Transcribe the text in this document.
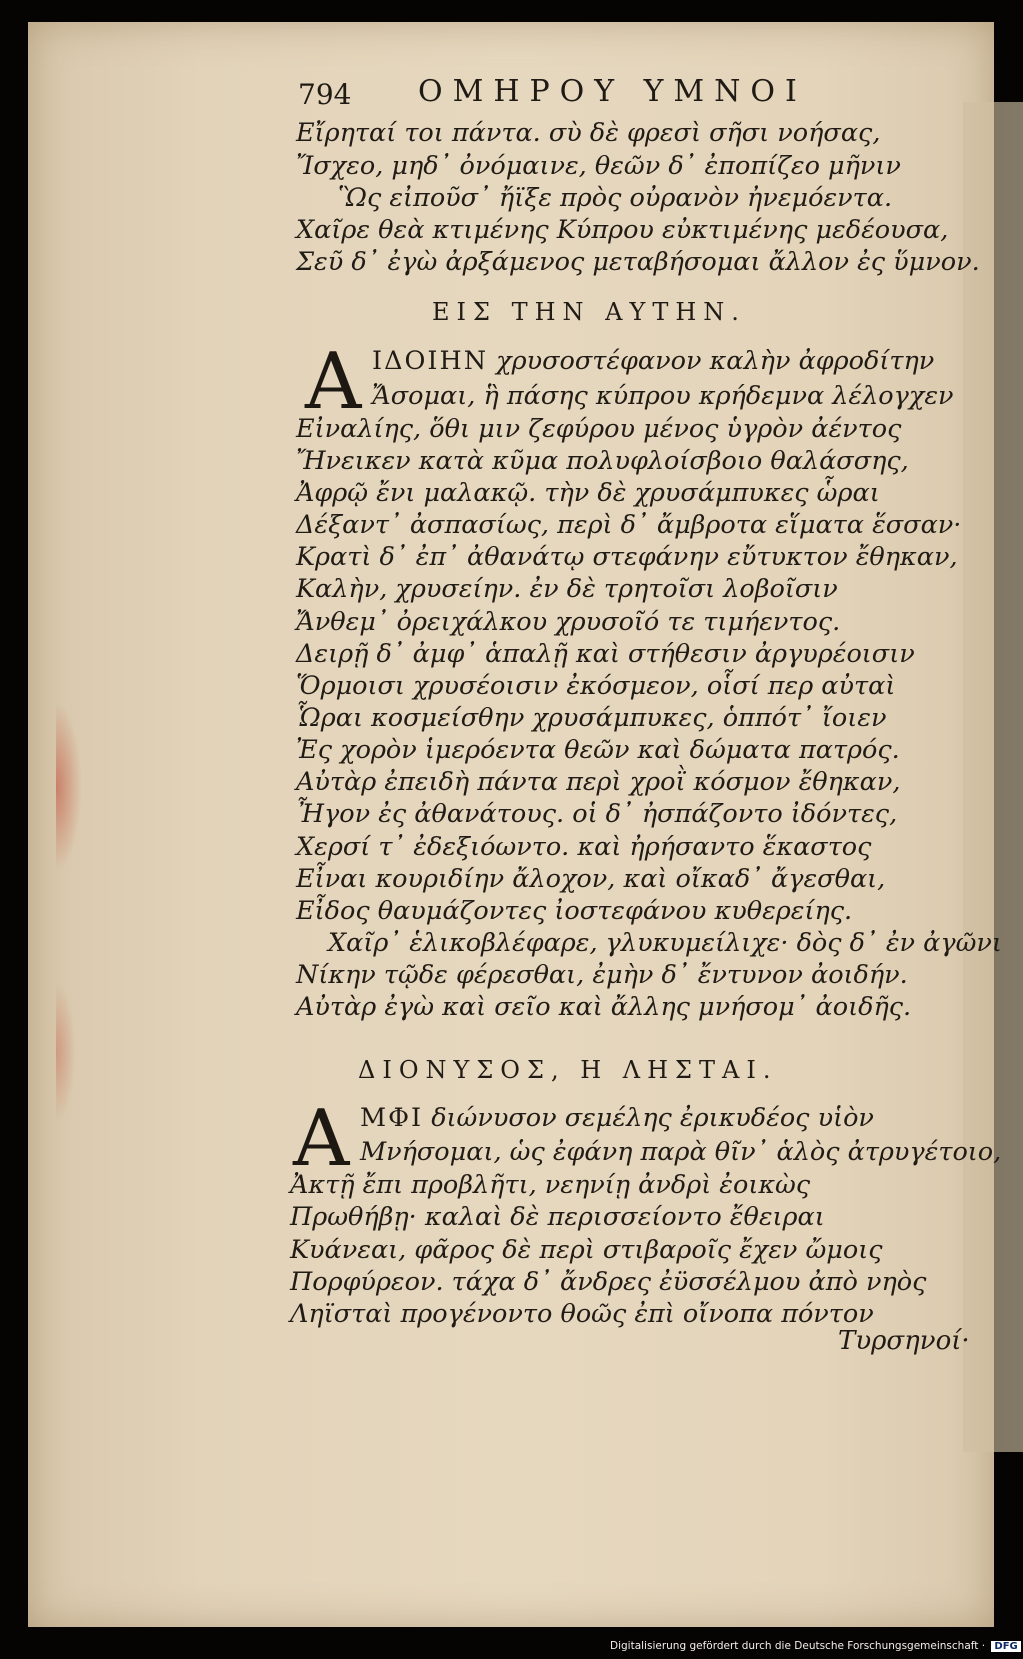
794 ΟΜΗΡΟΥ ΥΜΝΟΙ
Εἴρηταί τοι πάντα. σὺ δὲ φρεσὶ σῆσι νοήσας,
Ἴσχεο, μηδ᾽ ὀνόμαινε, θεῶν δ᾽ ἐποπίζεο μῆνιν
Ὣς εἰποῦσ᾽ ἤϊξε πρὸς οὐρανὸν ἠνεμόεντα.
Χαῖρε θεὰ κτιμένης Κύπρου εὐκτιμένης μεδέουσα,
Σεῦ δ᾽ ἐγὼ ἀρξάμενος μεταβήσομαι ἄλλον ἐς ὕμνον.
ΕΙΣ ΤΗΝ ΑΥΤΗΝ.
Α ΙΔΟΙΗΝ χρυσοστέφανον καλὴν ἀφροδίτην
Ἄσομαι, ἣ πάσης κύπρου κρήδεμνα λέλογχεν
Εἰναλίης, ὅθι μιν ζεφύρου μένος ὑγρὸν ἀέντος
Ἤνεικεν κατὰ κῦμα πολυφλοίσβοιο θαλάσσης,
Ἀφρῷ ἔνι μαλακῷ. τὴν δὲ χρυσάμπυκες ὧραι
Δέξαντ᾽ ἀσπασίως, περὶ δ᾽ ἄμβροτα εἵματα ἕσσαν·
Κρατὶ δ᾽ ἐπ᾽ ἀθανάτῳ στεφάνην εὔτυκτον ἔθηκαν,
Καλὴν, χρυσείην. ἐν δὲ τρητοῖσι λοβοῖσιν
Ἄνθεμ᾽ ὀρειχάλκου χρυσοῖό τε τιμήεντος.
Δειρῇ δ᾽ ἀμφ᾽ ἁπαλῇ καὶ στήθεσιν ἀργυρέοισιν
Ὅρμοισι χρυσέοισιν ἐκόσμεον, οἷσί περ αὐταὶ
Ὧραι κοσμείσθην χρυσάμπυκες, ὁππότ᾽ ἴοιεν
Ἐς χορὸν ἱμερόεντα θεῶν καὶ δώματα πατρός.
Αὐτὰρ ἐπειδὴ πάντα περὶ χροῒ κόσμον ἔθηκαν,
Ἦγον ἐς ἀθανάτους. οἱ δ᾽ ἠσπάζοντο ἰδόντες,
Χερσί τ᾽ ἐδεξιόωντο. καὶ ἠρήσαντο ἕκαστος
Εἶναι κουριδίην ἄλοχον, καὶ οἴκαδ᾽ ἄγεσθαι,
Εἶδος θαυμάζοντες ἰοστεφάνου κυθερείης.
Χαῖρ᾽ ἑλικοβλέφαρε, γλυκυμείλιχε· δὸς δ᾽ ἐν ἀγῶνι
Νίκην τῷδε φέρεσθαι, ἐμὴν δ᾽ ἔντυνον ἀοιδήν.
Αὐτὰρ ἐγὼ καὶ σεῖο καὶ ἄλλης μνήσομ᾽ ἀοιδῆς.
ΔΙΟΝΥΣΟΣ, Η ΛΗΣΤΑΙ.
Α ΜΦΙ διώνυσον σεμέλης ἐρικυδέος υἱὸν
Μνήσομαι, ὡς ἐφάνη παρὰ θῖν᾽ ἁλὸς ἀτρυγέτοιο,
Ἀκτῇ ἔπι προβλῆτι, νεηνίῃ ἀνδρὶ ἐοικὼς
Πρωθήβῃ· καλαὶ δὲ περισσείοντο ἔθειραι
Κυάνεαι, φᾶρος δὲ περὶ στιβαροῖς ἔχεν ὤμοις
Πορφύρεον. τάχα δ᾽ ἄνδρες ἐϋσσέλμου ἀπὸ νηὸς
Ληϊσταὶ προγένοντο θοῶς ἐπὶ οἴνοπα πόντον
Τυρσηνοί·
Digitalisierung gefördert durch die Deutsche Forschungsgemeinschaft · DFG
